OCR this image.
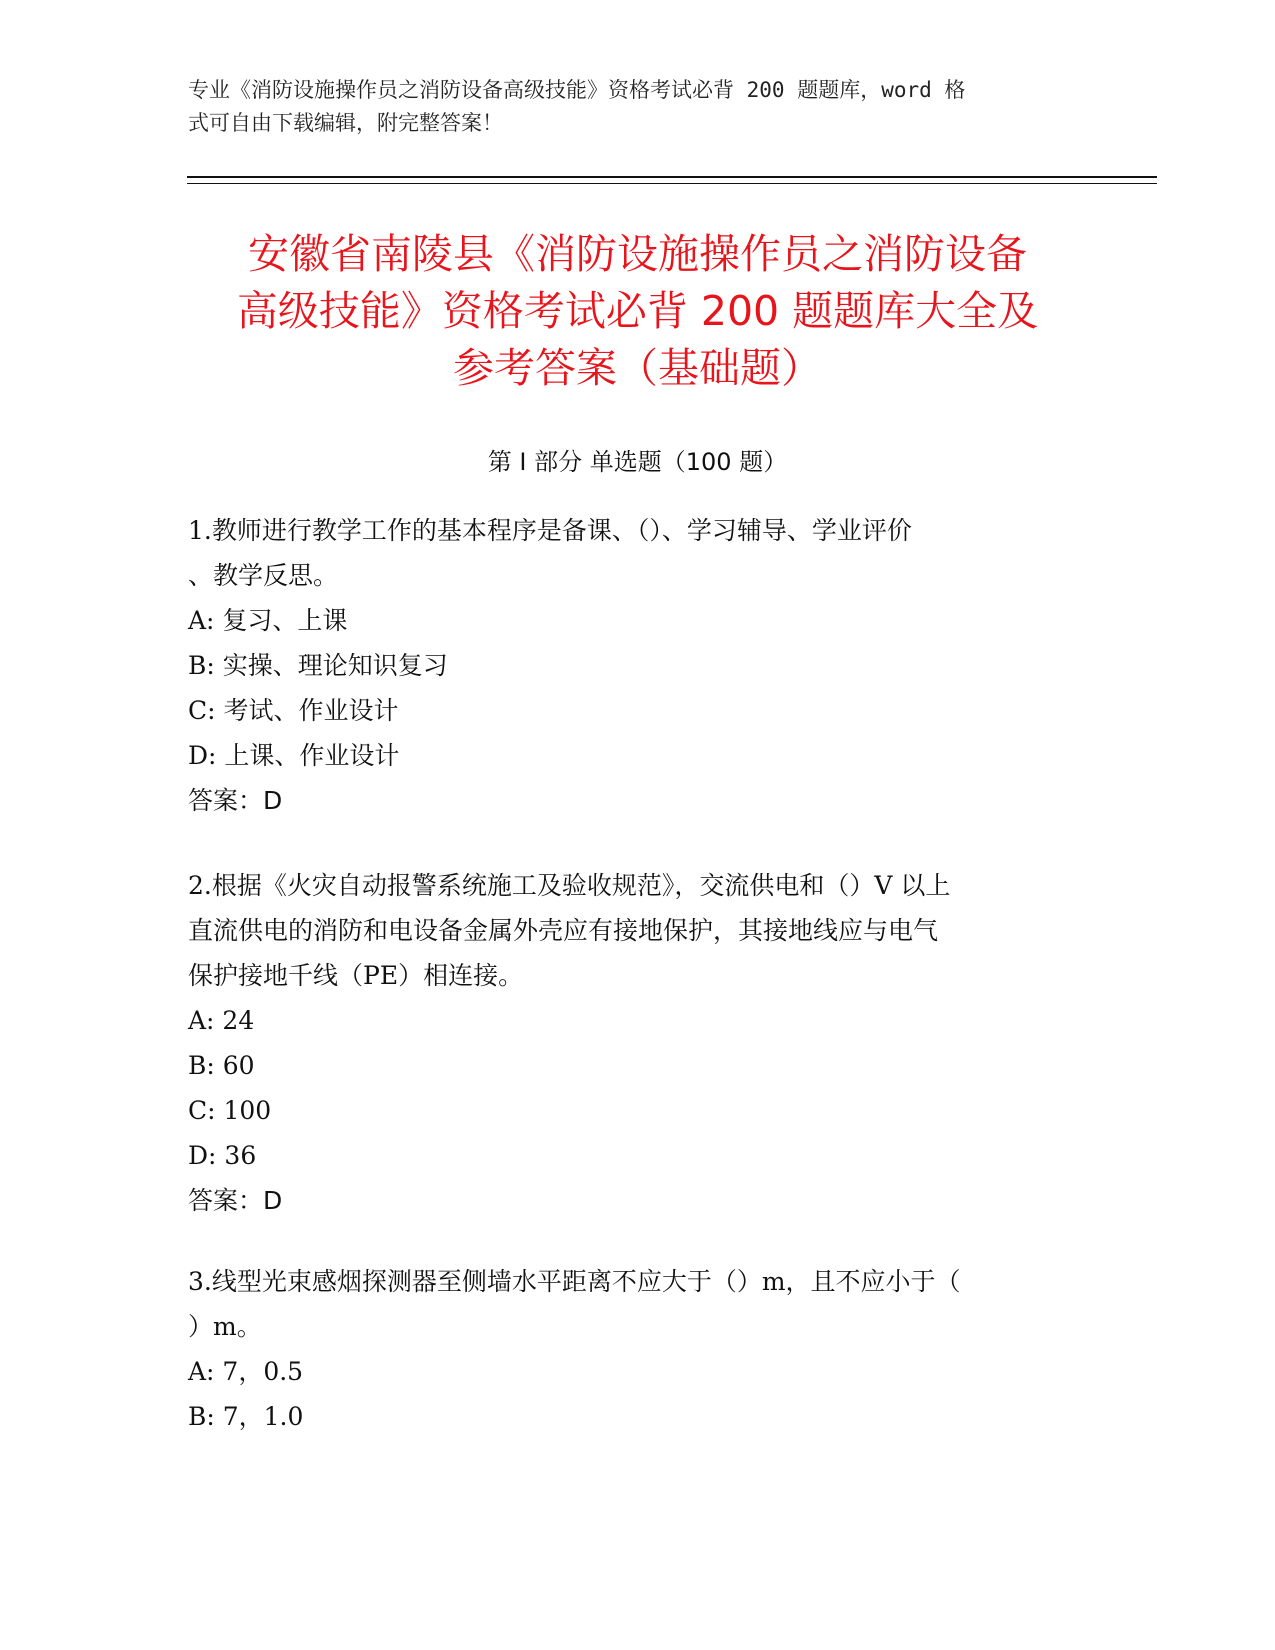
专业《消防设施操作员之消防设备高级技能》资格考试必背 200 题题库，word 格
式可自由下载编辑，附完整答案！
安徽省南陵县《消防设施操作员之消防设备
高级技能》资格考试必背 200 题题库大全及
参考答案（基础题）
第 I 部分 单选题（100 题）
1.教师进行教学工作的基本程序是备课、（）、学习辅导、学业评价
、教学反思。
A: 复习、上课
B: 实操、理论知识复习
C: 考试、作业设计
D: 上课、作业设计
答案：D
2.根据《火灾自动报警系统施工及验收规范》，交流供电和（）V 以上
直流供电的消防和电设备金属外壳应有接地保护，其接地线应与电气
保护接地千线（PE）相连接。
A: 24
B: 60
C: 100
D: 36
答案：D
3.线型光束感烟探测器至侧墙水平距离不应大于（）m，且不应小于（
）m。
A: 7，0.5
B: 7，1.0
